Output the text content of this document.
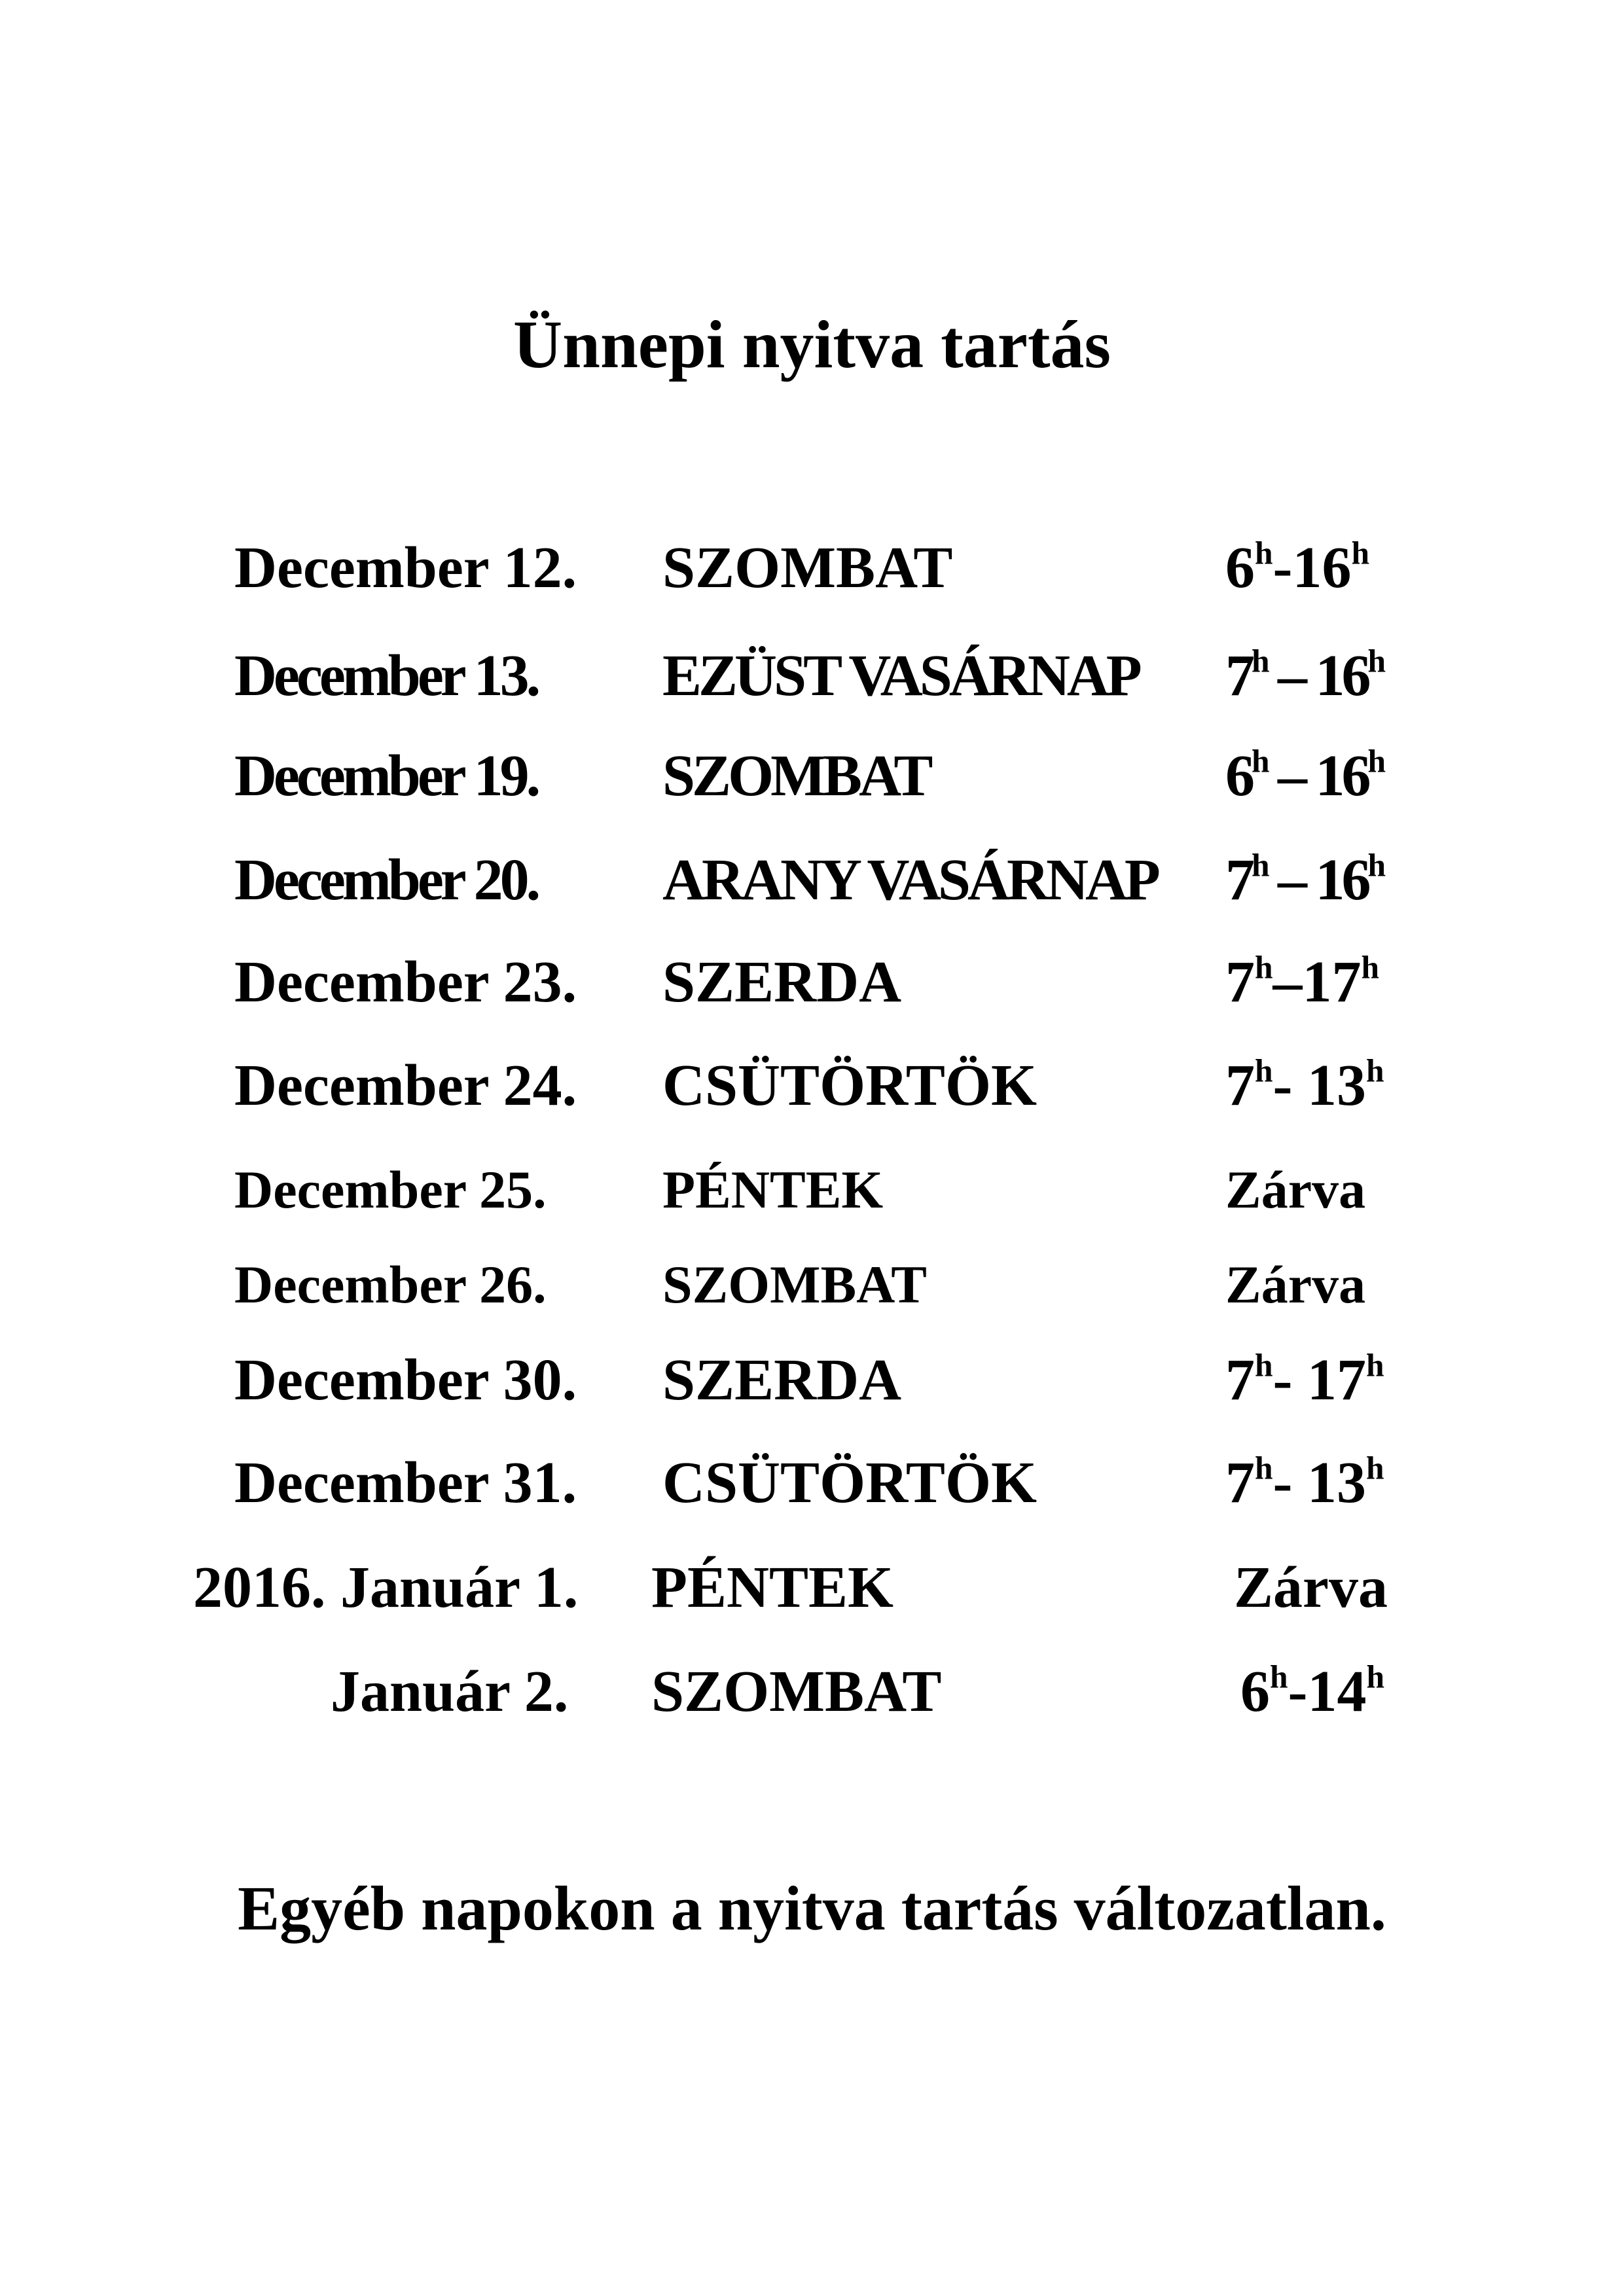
Ünnepi nyitva tartás
December 12. SZOMBAT	6$^h$-16$^h$
December 13. EZÜST VASÁRNAP 7$^h$ – 16$^h$
December 19. SZOMBAT	6$^h$ – 16$^h$
December 20. ARANY VASÁRNAP 7$^h$ – 16$^h$
December 23. SZERDA	7$^h$–17$^h$
December 24. CSÜTÖRTÖK	7$^h$- 13$^h$
December 25. PÉNTEK	Zárva
December 26. SZOMBAT	Zárva
December 30. SZERDA	7$^h$- 17$^h$
December 31. CSÜTÖRTÖK	7$^h$- 13$^h$
2016. Január 1. PÉNTEK	Zárva
Január 2. SZOMBAT	6$^h$-14$^h$
Egyéb napokon a nyitva tartás változatlan.
